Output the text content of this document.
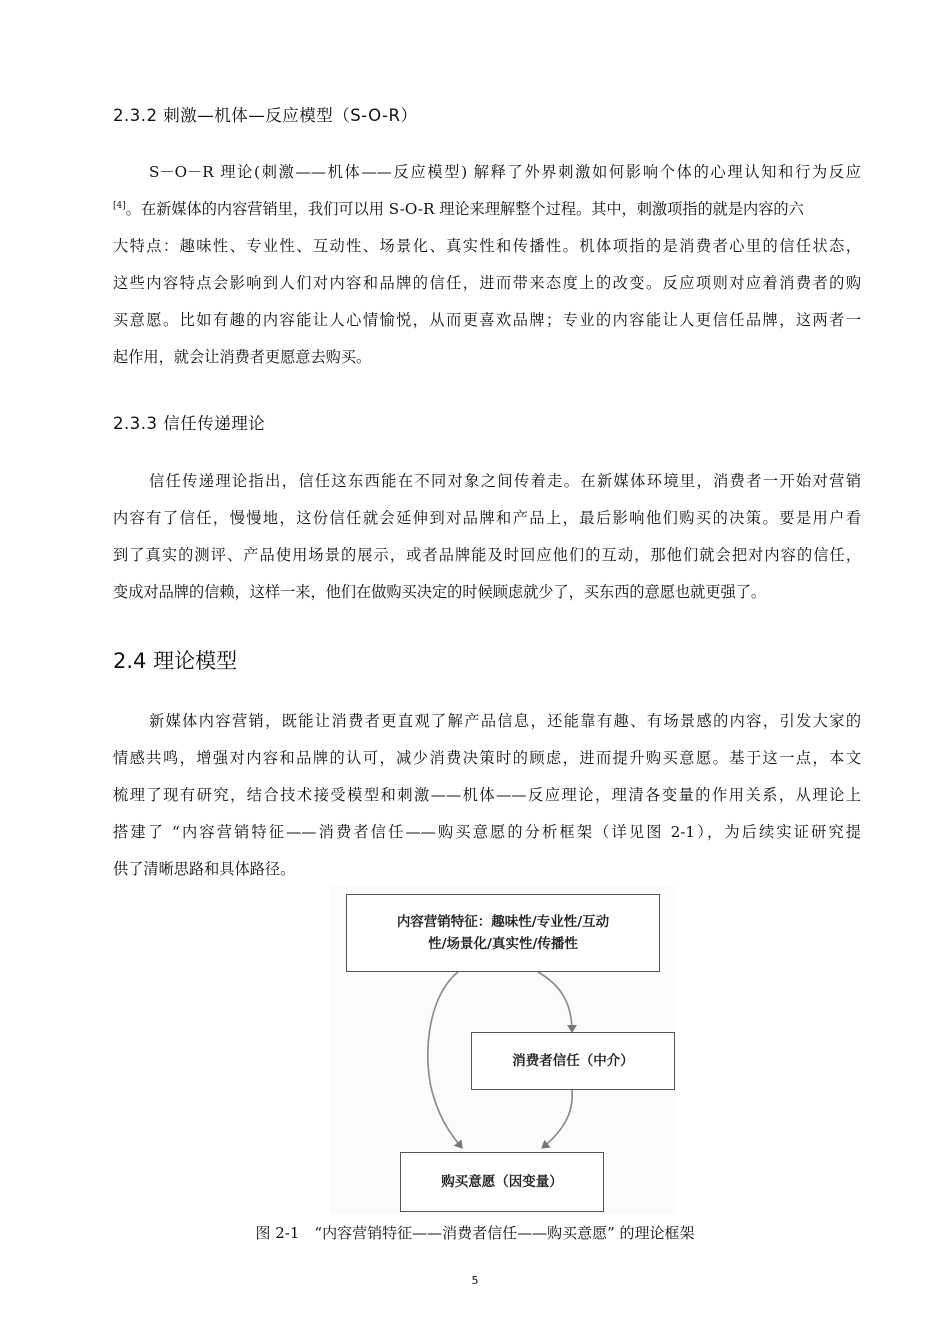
2.3.2 刺激—机体—反应模型（S-O-R）
S－O－R 理论(刺激——机体——反应模型) 解释了外界刺激如何影响个体的心理认知和行为反应
[4]。在新媒体的内容营销里，我们可以用 S-O-R 理论来理解整个过程。其中，刺激项指的就是内容的六
大特点：趣味性、专业性、互动性、场景化、真实性和传播性。机体项指的是消费者心里的信任状态，
这些内容特点会影响到人们对内容和品牌的信任，进而带来态度上的改变。反应项则对应着消费者的购
买意愿。比如有趣的内容能让人心情愉悦，从而更喜欢品牌；专业的内容能让人更信任品牌，这两者一
起作用，就会让消费者更愿意去购买。
2.3.3 信任传递理论
信任传递理论指出，信任这东西能在不同对象之间传着走。在新媒体环境里，消费者一开始对营销
内容有了信任，慢慢地，这份信任就会延伸到对品牌和产品上，最后影响他们购买的决策。要是用户看
到了真实的测评、产品使用场景的展示，或者品牌能及时回应他们的互动，那他们就会把对内容的信任，
变成对品牌的信赖，这样一来，他们在做购买决定的时候顾虑就少了，买东西的意愿也就更强了。
2.4 理论模型
新媒体内容营销，既能让消费者更直观了解产品信息，还能靠有趣、有场景感的内容，引发大家的
情感共鸣，增强对内容和品牌的认可，减少消费决策时的顾虑，进而提升购买意愿。基于这一点，本文
梳理了现有研究，结合技术接受模型和刺激——机体——反应理论，理清各变量的作用关系，从理论上
搭建了 “内容营销特征——消费者信任——购买意愿的分析框架（详见图 2-1），为后续实证研究提
供了清晰思路和具体路径。
内容营销特征：趣味性/专业性/互动
性/场景化/真实性/传播性
消费者信任（中介）
购买意愿（因变量）
图 2-1　“内容营销特征——消费者信任——购买意愿” 的理论框架
5
